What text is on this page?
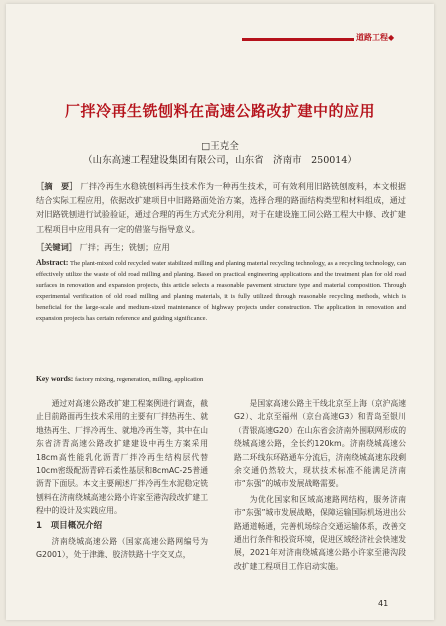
道路工程◆
厂拌冷再生铣刨料在高速公路改扩建中的应用
□王克全
（山东高速工程建设集团有限公司，山东省　济南市　250014）
［摘　要］ 厂拌冷再生水稳铣刨料再生技术作为一种再生技术，可有效利用旧路铣刨废料，本文根据结合实际工程应用，依据改扩建项目中旧路路面处治方案，选择合理的路面结构类型和材料组成，通过对旧路铣刨进行试验验证，通过合理的再生方式充分利用，对于在建设施工同公路工程大中修、改扩建工程项目中应用具有一定的借鉴与指导意义。
［关键词］ 厂拌；再生；铣刨；应用
Abstract: The plant-mixed cold recycled water stabilized milling and planing material recycling technology, as a recycling technology, can effectively utilize the waste of old road milling and planing. Based on practical engineering applications and the treatment plan for old road surfaces in renovation and expansion projects, this article selects a reasonable pavement structure type and material composition. Through experimental verification of old road milling and planing materials, it is fully utilized through reasonable recycling methods, which is beneficial for the large-scale and medium-sized maintenance of highway projects under construction. The application in renovation and expansion projects has certain reference and guiding significance.
Key words: factory mixing, regeneration, milling, application

通过对高速公路改扩建工程案例进行调查，截止目前路面再生技术采用的主要有厂拌热再生、就地热再生、厂拌冷再生、就地冷再生等，其中在山东省济青高速公路改扩建建设中再生方案采用18cm高性能乳化沥青厂拌冷再生结构层代替10cm密级配沥青碎石柔性基层和8cmAC-25普通沥青下面层。本文主要阐述厂拌冷再生水泥稳定铣刨料在济南绕城高速公路小许家至港沟段改扩建工程中的设计及实践应用。

1　项目概况介绍

济南绕城高速公路（国家高速公路网编号为G2001），处于津潍、胶济铁路十字交叉点，

是国家高速公路主干线北京至上海（京沪高速G2）、北京至福州（京台高速G3）和青岛至银川（青银高速G20）在山东省会济南外围联网形成的绕城高速公路，全长约120km。济南绕城高速公路二环线东环路通车分流后，济南绕城高速东段剩余交通仍然较大，现状技术标准不能满足济南市“东强”的城市发展战略需要。

为优化国家和区域高速路网结构，服务济南市“东强”城市发展战略，保障运输国际机场进出公路通道畅通，完善机场综合交通运输体系，改善交通出行条件和投资环境，促进区域经济社会快速发展，2021年对济南绕城高速公路小许家至港沟段改扩建工程项目工作启动实施。

41
